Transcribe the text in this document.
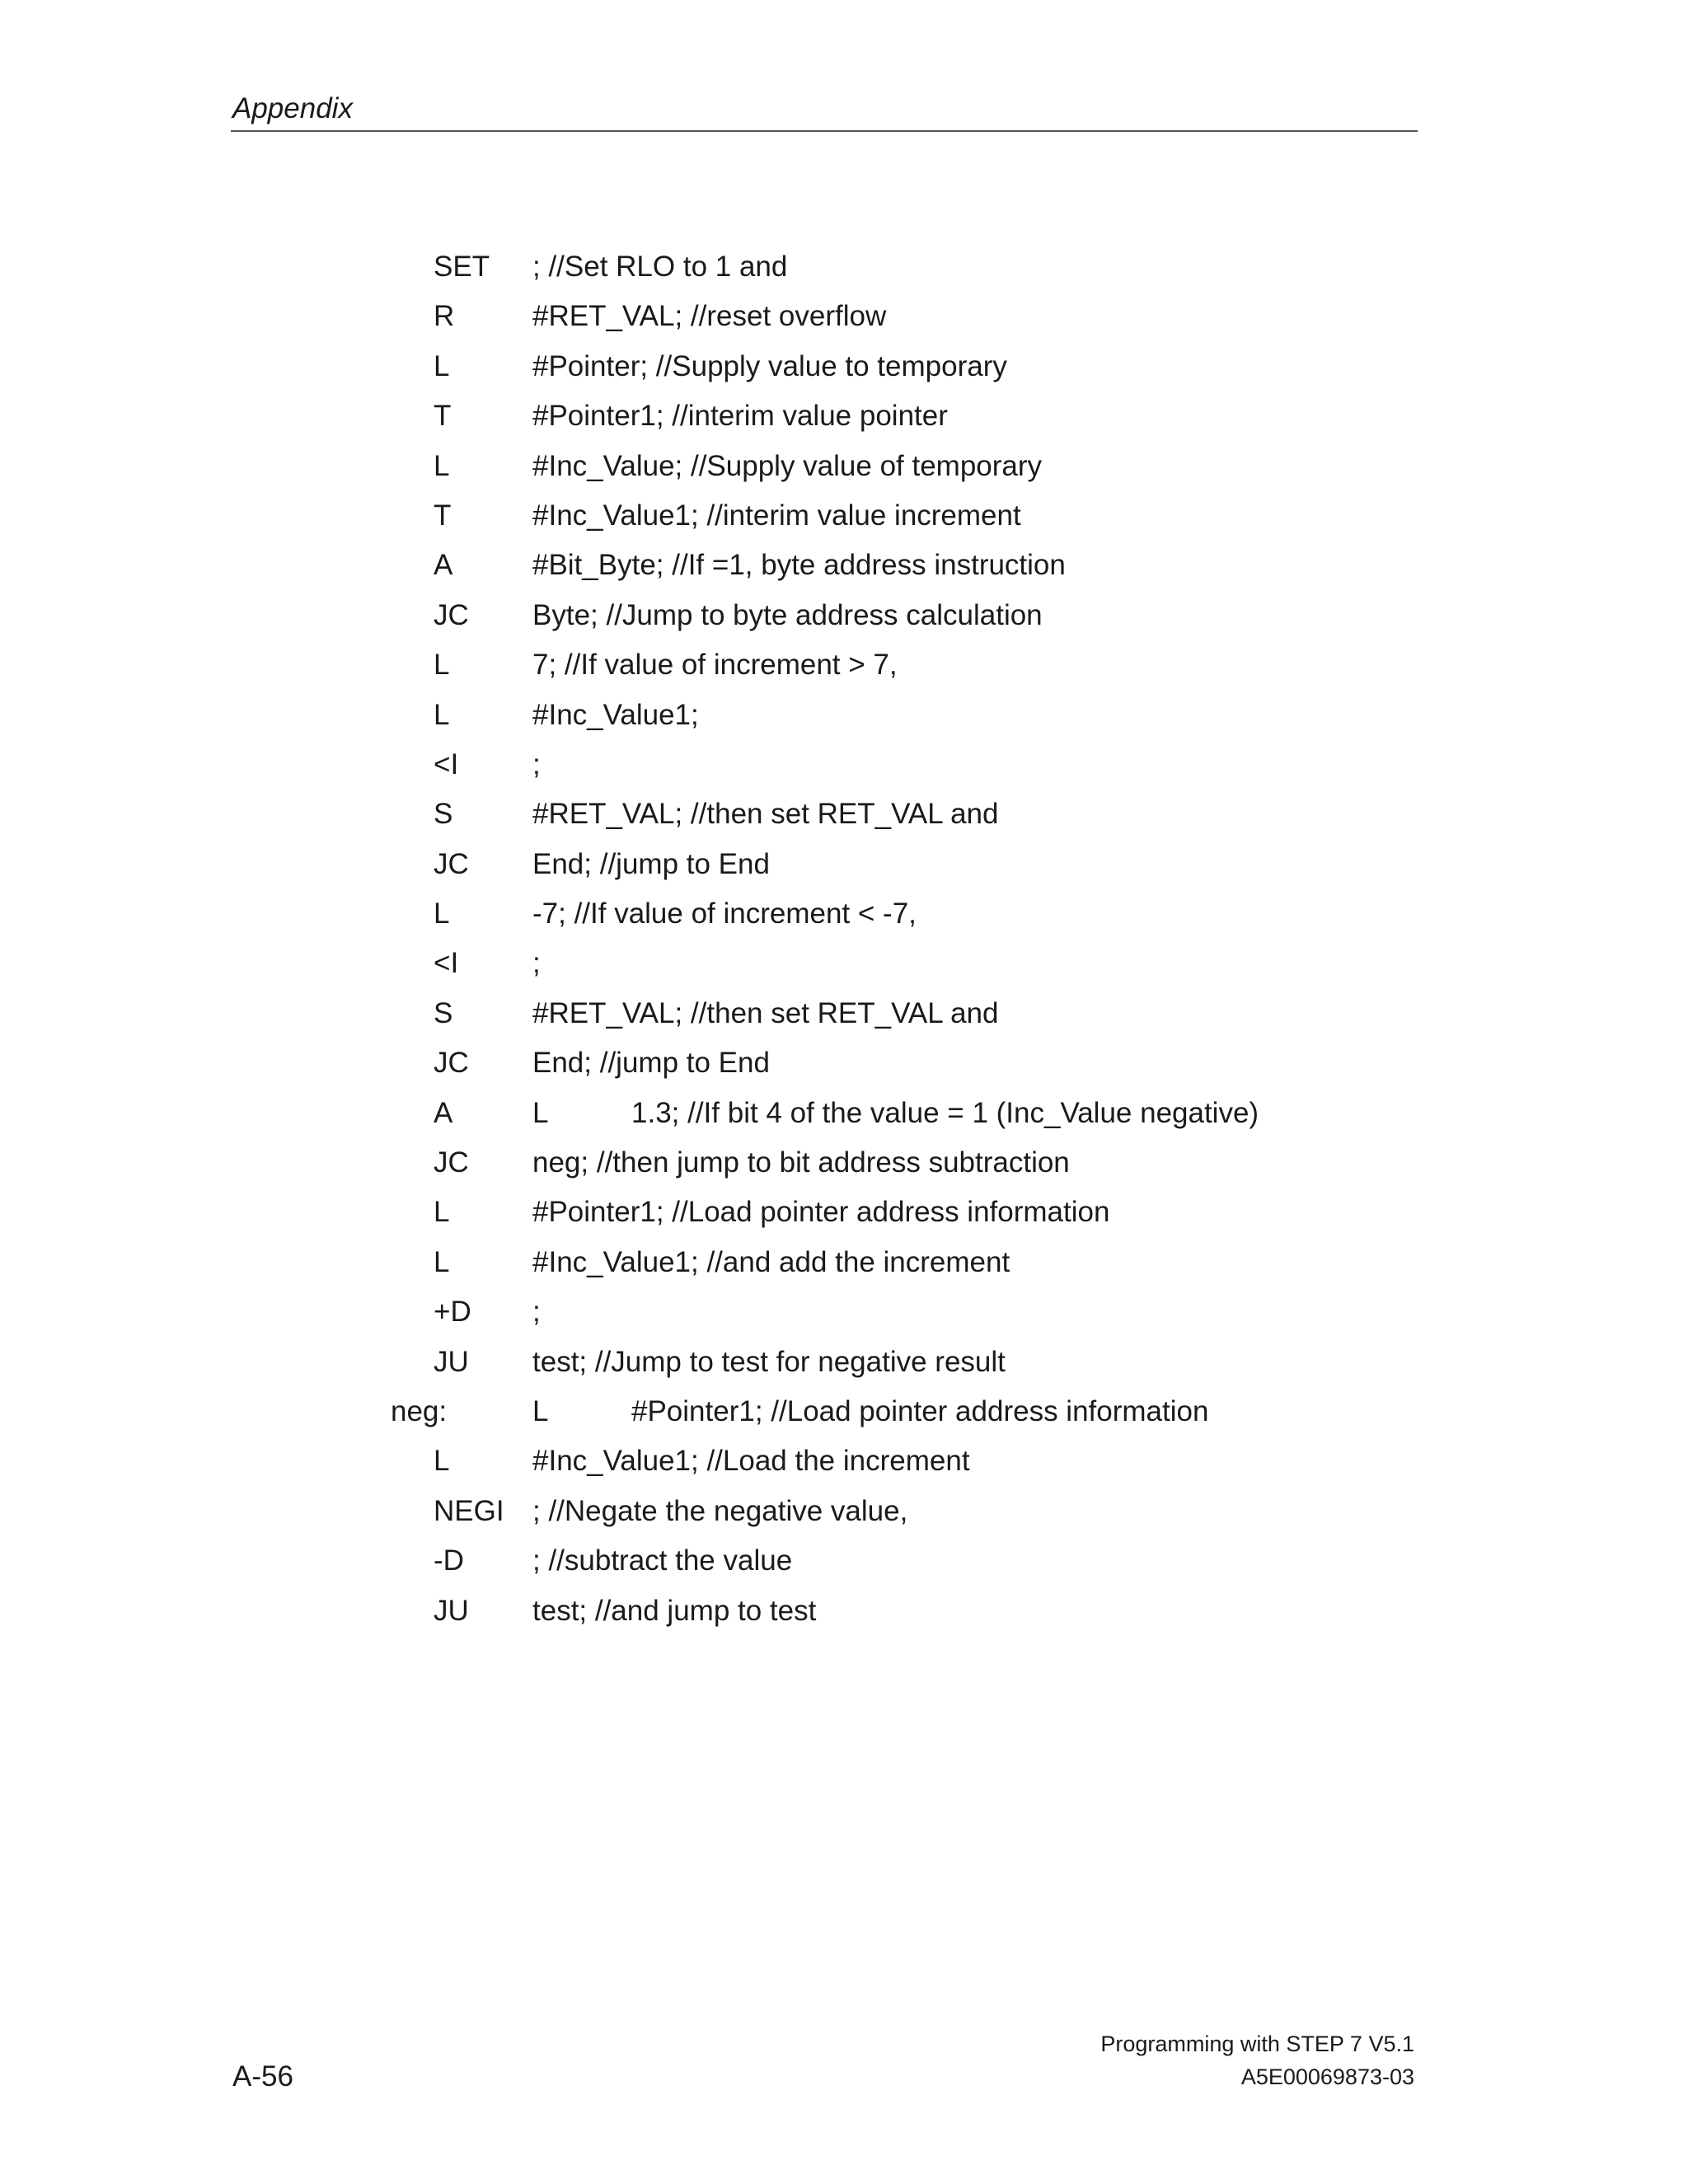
Appendix
SET ; //Set RLO to 1 and
R	#RET_VAL; //reset overflow
L	#Pointer; //Supply value to temporary
T	#Pointer1; //interim value pointer
L	#Inc_Value; //Supply value of temporary
T	#Inc_Value1; //interim value increment
A	#Bit_Byte; //If =1, byte address instruction
JC Byte; //Jump to byte address calculation
L	7; //If value of increment > 7,
L	#Inc_Value1;
<I	;
S	#RET_VAL; //then set RET_VAL and
JC End; //jump to End
L	-7; //If value of increment < -7,
<I	;
S	#RET_VAL; //then set RET_VAL and
JC End; //jump to End
A	L	1.3; //If bit 4 of the value = 1 (Inc_Value negative)
JC neg; //then jump to bit address subtraction
L	#Pointer1; //Load pointer address information
L	#Inc_Value1; //and add the increment
+D ;
JU test; //Jump to test for negative result
neg:	L	#Pointer1; //Load pointer address information
L	#Inc_Value1; //Load the increment
NEGI ; //Negate the negative value,
-D ; //subtract the value
JU test; //and jump to test
A-56
Programming with STEP 7 V5.1
A5E00069873-03
